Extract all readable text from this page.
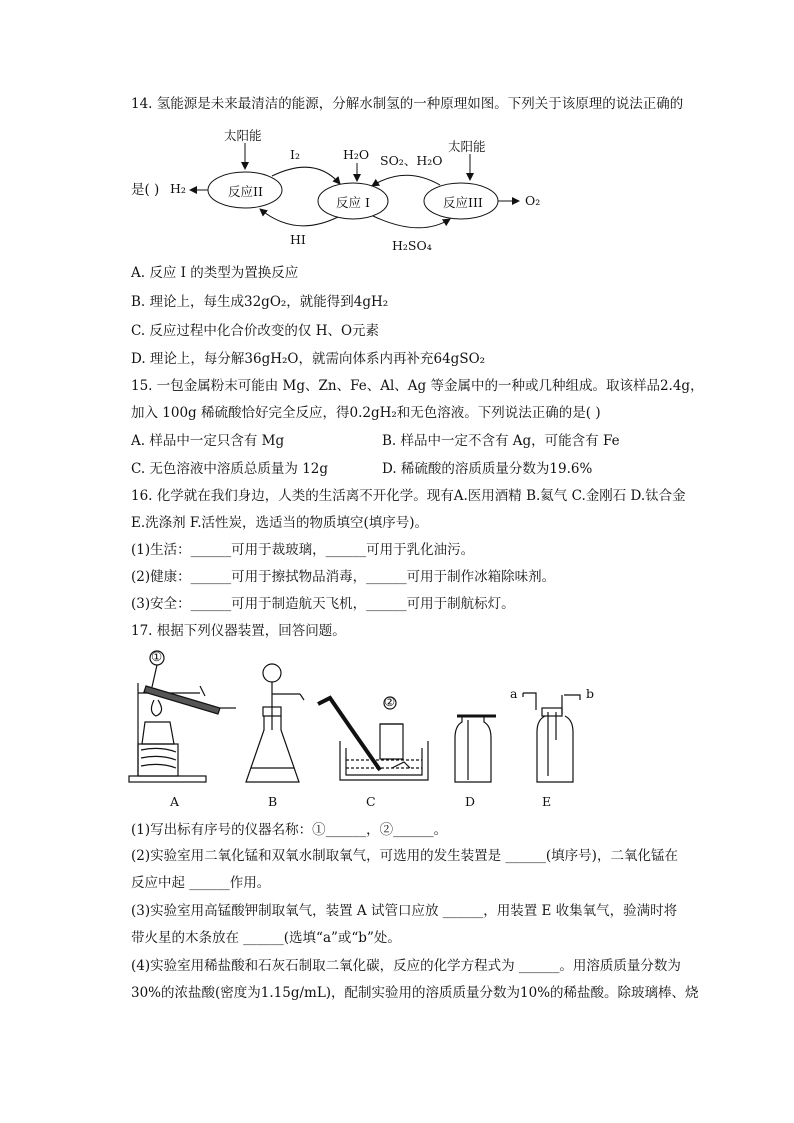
14. 氢能源是未来最清洁的能源，分解水制氢的一种原理如图。下列关于该原理的说法正确的
太阳能
太阳能
I₂	H₂O SO₂、H₂O
是( ) H₂	反应II
反应 I	反应III	O₂
HI	H₂SO₄
A. 反应 I 的类型为置换反应
B. 理论上，每生成32gO₂，就能得到4gH₂
C. 反应过程中化合价改变的仅 H、O元素
D. 理论上，每分解36gH₂O，就需向体系内再补充64gSO₂
15. 一包金属粉末可能由 Mg、Zn、Fe、Al、Ag 等金属中的一种或几种组成。取该样品2.4g，
加入 100g 稀硫酸恰好完全反应，得0.2gH₂和无色溶液。下列说法正确的是( )
A. 样品中一定只含有 Mg	B. 样品中一定不含有 Ag，可能含有 Fe
C. 无色溶液中溶质总质量为 12g	D. 稀硫酸的溶质质量分数为19.6%
16. 化学就在我们身边，人类的生活离不开化学。现有A.医用酒精 B.氦气 C.金刚石 D.钛合金
E.洗涤剂 F.活性炭，选适当的物质填空(填序号)。
(1)生活：______可用于裁玻璃，______可用于乳化油污。
(2)健康：______可用于擦拭物品消毒，______可用于制作冰箱除味剂。
(3)安全：______可用于制造航天飞机，______可用于制航标灯。
17. 根据下列仪器装置，回答问题。
①
②
a	b
A	B	C	D	E
(1)写出标有序号的仪器名称：①______，②______。
(2)实验室用二氧化锰和双氧水制取氧气，可选用的发生装置是 ______(填序号)，二氧化锰在
反应中起 ______作用。
(3)实验室用高锰酸钾制取氧气，装置 A 试管口应放 ______，用装置 E 收集氧气，验满时将
带火星的木条放在 ______(选填“a”或“b”处。
(4)实验室用稀盐酸和石灰石制取二氧化碳，反应的化学方程式为 ______。用溶质质量分数为
30%的浓盐酸(密度为1.15g/mL)，配制实验用的溶质质量分数为10%的稀盐酸。除玻璃棒、烧
